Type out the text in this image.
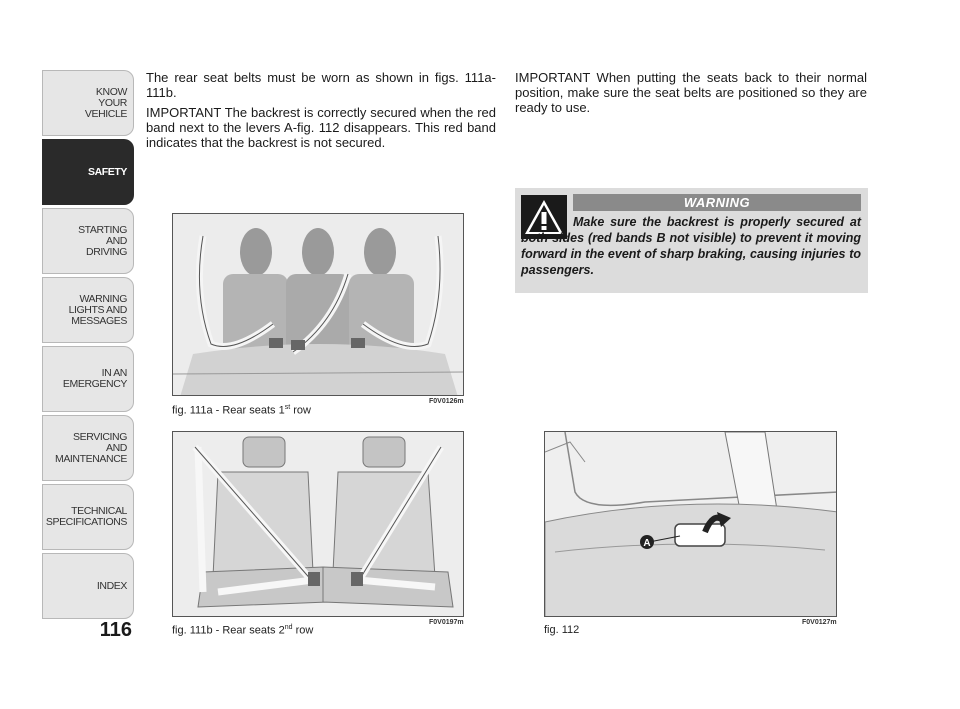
KNOW
YOUR
VEHICLE
SAFETY
STARTING
AND
DRIVING
WARNING
LIGHTS AND
MESSAGES
IN AN
EMERGENCY
SERVICING
AND
MAINTENANCE
TECHNICAL
SPECIFICATIONS
INDEX
116

The rear seat belts must be worn as shown in figs. 111a-111b.

IMPORTANT The backrest is correctly secured when the red band next to the levers A-fig. 112 disappears. This red band indicates that the backrest is not secured.

IMPORTANT When putting the seats back to their normal position, make sure the seat belts are positioned so they are ready to use.

WARNING
Make sure the backrest is properly secured at both sides (red bands B not visible) to prevent it moving forward in the event of sharp braking, causing injuries to passengers.
F0V0126m
fig. 111a - Rear seats 1st row
F0V0197m
fig. 111b - Rear seats 2nd row
A
F0V0127m
fig. 112
